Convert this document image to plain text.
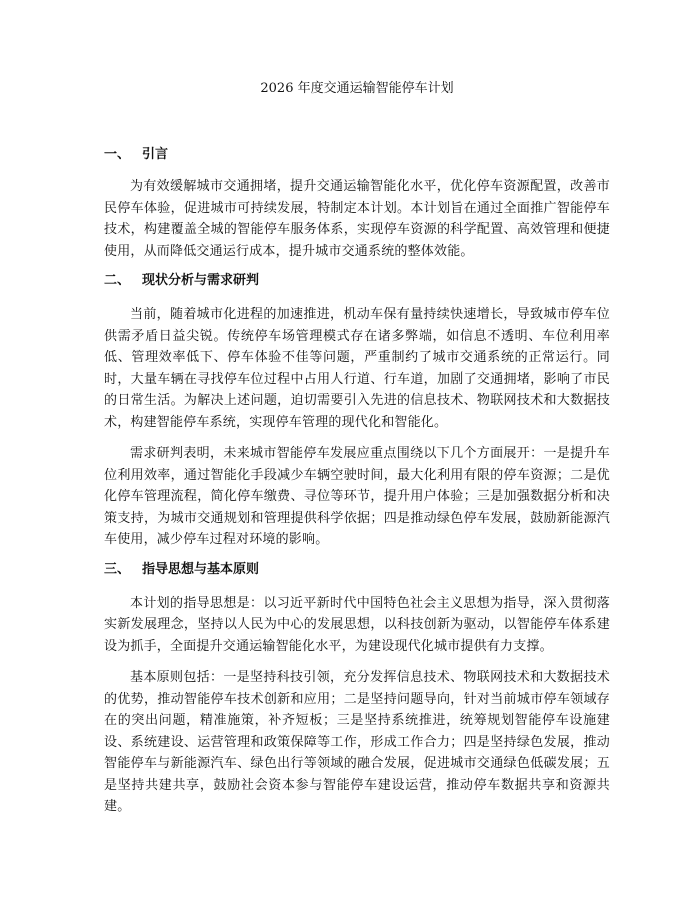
2026 年度交通运输智能停车计划
一、 引言

为有效缓解城市交通拥堵，提升交通运输智能化水平，优化停车资源配置，改善市民停车体验，促进城市可持续发展，特制定本计划。本计划旨在通过全面推广智能停车技术，构建覆盖全城的智能停车服务体系，实现停车资源的科学配置、高效管理和便捷使用，从而降低交通运行成本，提升城市交通系统的整体效能。

二、 现状分析与需求研判

当前，随着城市化进程的加速推进，机动车保有量持续快速增长，导致城市停车位供需矛盾日益尖锐。传统停车场管理模式存在诸多弊端，如信息不透明、车位利用率低、管理效率低下、停车体验不佳等问题，严重制约了城市交通系统的正常运行。同时，大量车辆在寻找停车位过程中占用人行道、行车道，加剧了交通拥堵，影响了市民的日常生活。为解决上述问题，迫切需要引入先进的信息技术、物联网技术和大数据技术，构建智能停车系统，实现停车管理的现代化和智能化。

需求研判表明，未来城市智能停车发展应重点围绕以下几个方面展开：一是提升车位利用效率，通过智能化手段减少车辆空驶时间，最大化利用有限的停车资源；二是优化停车管理流程，简化停车缴费、寻位等环节，提升用户体验；三是加强数据分析和决策支持，为城市交通规划和管理提供科学依据；四是推动绿色停车发展，鼓励新能源汽车使用，减少停车过程对环境的影响。

三、 指导思想与基本原则

本计划的指导思想是：以习近平新时代中国特色社会主义思想为指导，深入贯彻落实新发展理念，坚持以人民为中心的发展思想，以科技创新为驱动，以智能停车体系建设为抓手，全面提升交通运输智能化水平，为建设现代化城市提供有力支撑。

基本原则包括：一是坚持科技引领，充分发挥信息技术、物联网技术和大数据技术的优势，推动智能停车技术创新和应用；二是坚持问题导向，针对当前城市停车领域存在的突出问题，精准施策，补齐短板；三是坚持系统推进，统筹规划智能停车设施建设、系统建设、运营管理和政策保障等工作，形成工作合力；四是坚持绿色发展，推动智能停车与新能源汽车、绿色出行等领域的融合发展，促进城市交通绿色低碳发展；五是坚持共建共享，鼓励社会资本参与智能停车建设运营，推动停车数据共享和资源共建。
